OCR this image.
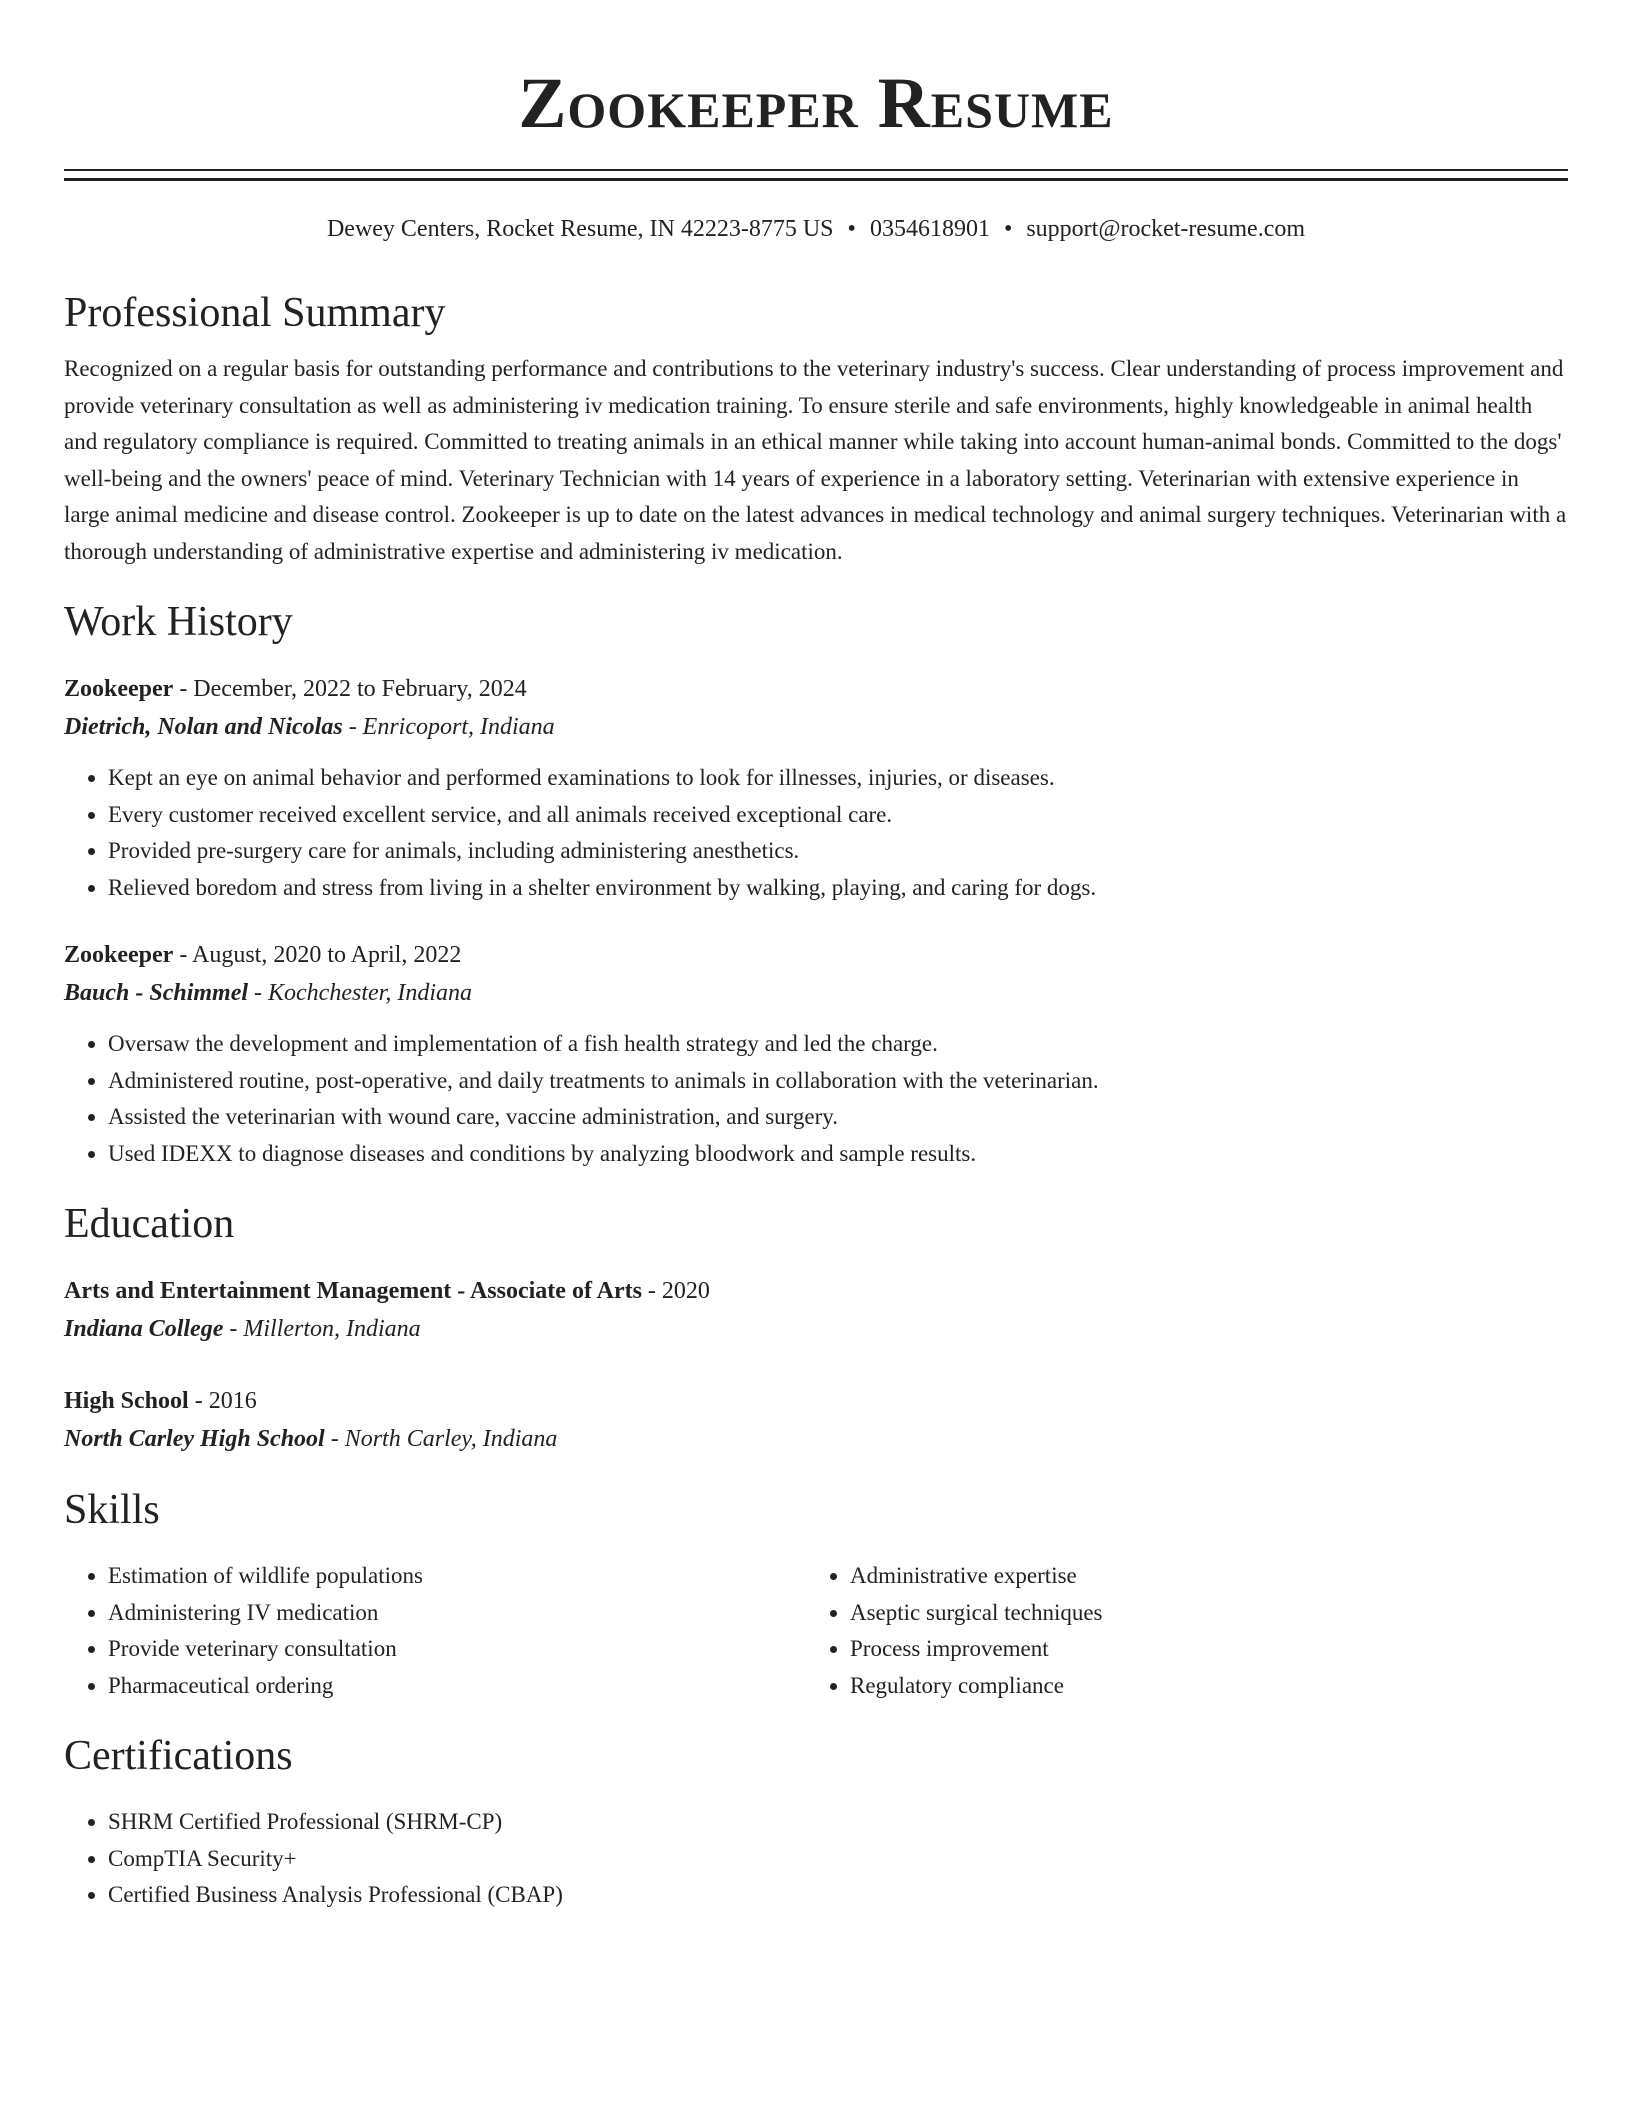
Zookeeper Resume
Dewey Centers, Rocket Resume, IN 42223-8775 US • 0354618901 • support@rocket-resume.com
Professional Summary

Recognized on a regular basis for outstanding performance and contributions to the veterinary industry's success. Clear understanding of process improvement and provide veterinary consultation as well as administering iv medication training. To ensure sterile and safe environments, highly knowledgeable in animal health and regulatory compliance is required. Committed to treating animals in an ethical manner while taking into account human-animal bonds. Committed to the dogs' well-being and the owners' peace of mind. Veterinary Technician with 14 years of experience in a laboratory setting. Veterinarian with extensive experience in large animal medicine and disease control. Zookeeper is up to date on the latest advances in medical technology and animal surgery techniques. Veterinarian with a thorough understanding of administrative expertise and administering iv medication.

Work History
Zookeeper - December, 2022 to February, 2024
Dietrich, Nolan and Nicolas - Enricoport, Indiana
• Kept an eye on animal behavior and performed examinations to look for illnesses, injuries, or diseases.
• Every customer received excellent service, and all animals received exceptional care.
• Provided pre-surgery care for animals, including administering anesthetics.
• Relieved boredom and stress from living in a shelter environment by walking, playing, and caring for dogs.
Zookeeper - August, 2020 to April, 2022
Bauch - Schimmel - Kochchester, Indiana
• Oversaw the development and implementation of a fish health strategy and led the charge.
• Administered routine, post-operative, and daily treatments to animals in collaboration with the veterinarian.
• Assisted the veterinarian with wound care, vaccine administration, and surgery.
• Used IDEXX to diagnose diseases and conditions by analyzing bloodwork and sample results.
Education
Arts and Entertainment Management - Associate of Arts - 2020
Indiana College - Millerton, Indiana
High School - 2016
North Carley High School - North Carley, Indiana
Skills
• Estimation of wildlife populations
• Administering IV medication
• Provide veterinary consultation
• Pharmaceutical ordering
• Administrative expertise
• Aseptic surgical techniques
• Process improvement
• Regulatory compliance
Certifications
• SHRM Certified Professional (SHRM-CP)
• CompTIA Security+
• Certified Business Analysis Professional (CBAP)
